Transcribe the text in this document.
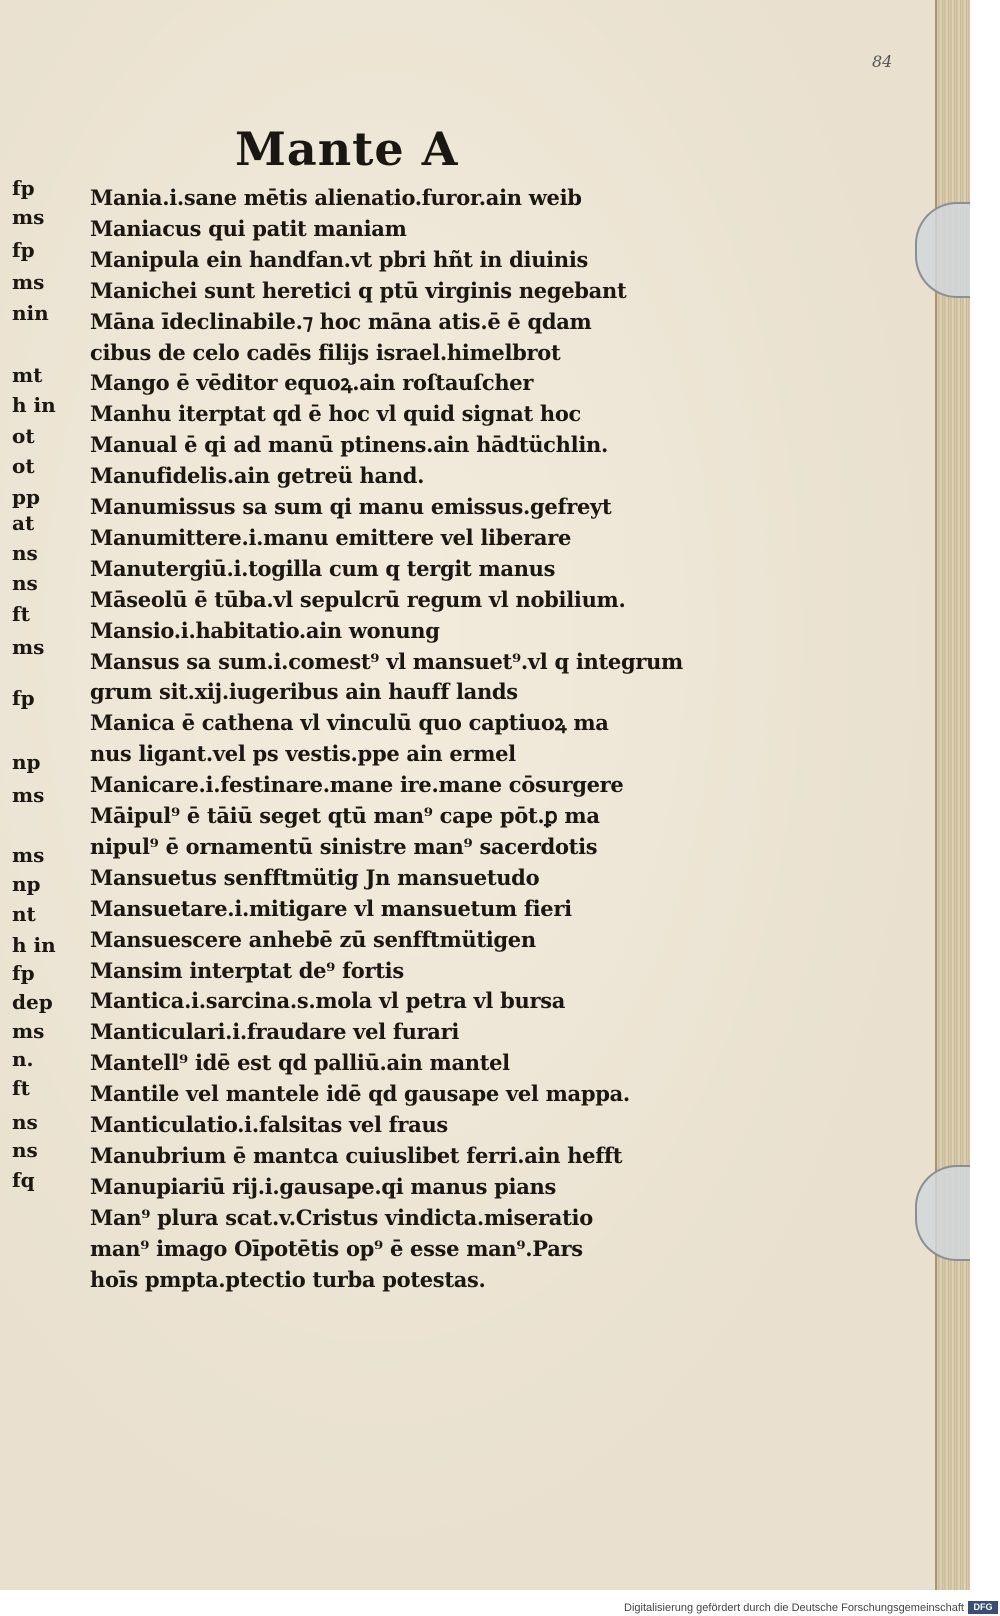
84
Mante A
fp
ms
fp
ms
nin
mt
h in
ot
ot
pp
at
ns
ns
ft
ms
fp
np
ms
ms
np
nt
h in
fp
dep
ms
n.
ft
ns
ns
fq
Mania.i.sane mētis alienatio.furor.ain weib
Maniacus qui patit maniam
Manipula ein handfan.vt pbri hñt in diuinis
Manichei sunt heretici q ptū virginis negebant
Māna īdeclinabile.⁊ hoc māna atis.ē ē qdam
cibus de celo cadēs filijs israel.himelbrot
Mango ē vēditor equoꝝ.ain roſtauſcher
Manhu iterptat qd ē hoc vl quid signat hoc
Manual ē qi ad manū ptinens.ain hādtüchlin.
Manufidelis.ain getreü hand.
Manumissus sa sum qi manu emissus.gefreyt
Manumittere.i.manu emittere vel liberare
Manutergiū.i.togilla cum q tergit manus
Māseolū ē tūba.vl sepulcrū regum vl nobilium.
Mansio.i.habitatio.ain wonung
Mansus sa sum.i.comest⁹ vl mansuet⁹.vl q integrum
grum sit.xij.iugeribus ain hauff lands
Manica ē cathena vl vinculū quo captiuoꝝ ma
nus ligant.vel ps vestis.ppe ain ermel
Manicare.i.festinare.mane ire.mane cōsurgere
Māipul⁹ ē tāiū seget qtū man⁹ cape pōt.ꝑ ma
nipul⁹ ē ornamentū sinistre man⁹ sacerdotis
Mansuetus senfftmütig Jn mansuetudo
Mansuetare.i.mitigare vl mansuetum fieri
Mansuescere anhebē zū senfftmütigen
Mansim interptat de⁹ fortis
Mantica.i.sarcina.s.mola vl petra vl bursa
Manticulari.i.fraudare vel furari
Mantell⁹ idē est qd palliū.ain mantel
Mantile vel mantele idē qd gausape vel mappa.
Manticulatio.i.falsitas vel fraus
Manubrium ē mantca cuiuslibet ferri.ain hefft
Manupiariū rij.i.gausape.qi manus pians
Man⁹ plura scat.v.Cristus vindicta.miseratio
man⁹ imago Oīpotētis op⁹ ē esse man⁹.Pars
hoīs pmpta.ptectio turba potestas.
Digitalisierung gefördert durch die Deutsche Forschungsgemeinschaft	DFG
